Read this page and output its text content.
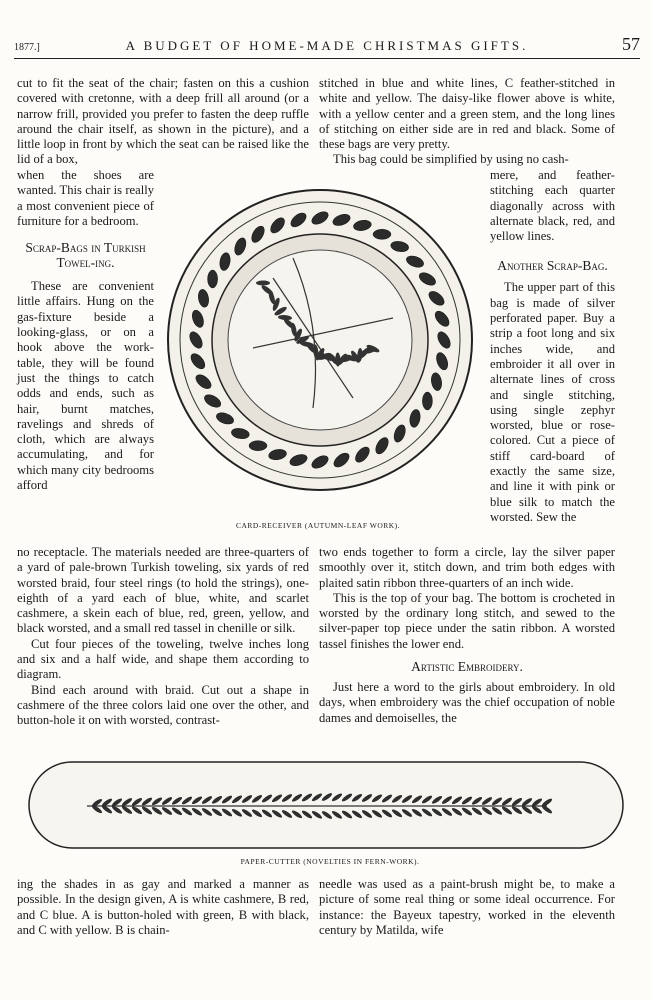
1877.]	A BUDGET OF HOME-MADE CHRISTMAS GIFTS.	57

cut to fit the seat of the chair; fasten on this a cushion covered with cretonne, with a deep frill all around (or a narrow frill, provided you prefer to fasten the deep ruffle around the chair itself, as shown in the picture), and a little loop in front by which the seat can be raised like the lid of a box,

when the shoes are wanted. This chair is really a most convenient piece of furniture for a bedroom.

Scrap-Bags in Turkish Towel-ing.

These are convenient little affairs. Hung on the gas-fixture beside a looking-glass, or on a hook above the work-table, they will be found just the things to catch odds and ends, such as hair, burnt matches, ravelings and shreds of cloth, which are always accumulating, and for which many city bedrooms afford

stitched in blue and white lines, C feather-stitched in white and yellow. The daisy-like flower above is white, with a yellow center and a green stem, and the long lines of stitching on either side are in red and black. Some of these bags are very pretty.

This bag could be simplified by using no cash-

mere, and feather-stitching each quarter diagonally across with alternate black, red, and yellow lines.

Another Scrap-Bag.

The upper part of this bag is made of silver perforated paper. Buy a strip a foot long and six inches wide, and embroider it all over in alternate lines of cross and single stitching, using single zephyr worsted, blue or rose-colored. Cut a piece of stiff card-board of exactly the same size, and line it with pink or blue silk to match the worsted. Sew the

CARD-RECEIVER (AUTUMN-LEAF WORK).

no receptacle. The materials needed are three-quarters of a yard of pale-brown Turkish toweling, six yards of red worsted braid, four steel rings (to hold the strings), one-eighth of a yard each of blue, white, and scarlet cashmere, a skein each of blue, red, green, yellow, and black worsted, and a small red tassel in chenille or silk.

Cut four pieces of the toweling, twelve inches long and six and a half wide, and shape them according to diagram.

Bind each around with braid. Cut out a shape in cashmere of the three colors laid one over the other, and button-hole it on with worsted, contrast-

two ends together to form a circle, lay the silver paper smoothly over it, stitch down, and trim both edges with plaited satin ribbon three-quarters of an inch wide.

This is the top of your bag. The bottom is crocheted in worsted by the ordinary long stitch, and sewed to the silver-paper top piece under the satin ribbon. A worsted tassel finishes the lower end.

Artistic Embroidery.

Just here a word to the girls about embroidery. In old days, when embroidery was the chief occupation of noble dames and demoiselles, the

PAPER-CUTTER (NOVELTIES IN FERN-WORK).

ing the shades in as gay and marked a manner as possible. In the design given, A is white cashmere, B red, and C blue. A is button-holed with green, B with black, and C with yellow. B is chain-

needle was used as a paint-brush might be, to make a picture of some real thing or some ideal occurrence. For instance: the Bayeux tapestry, worked in the eleventh century by Matilda, wife
